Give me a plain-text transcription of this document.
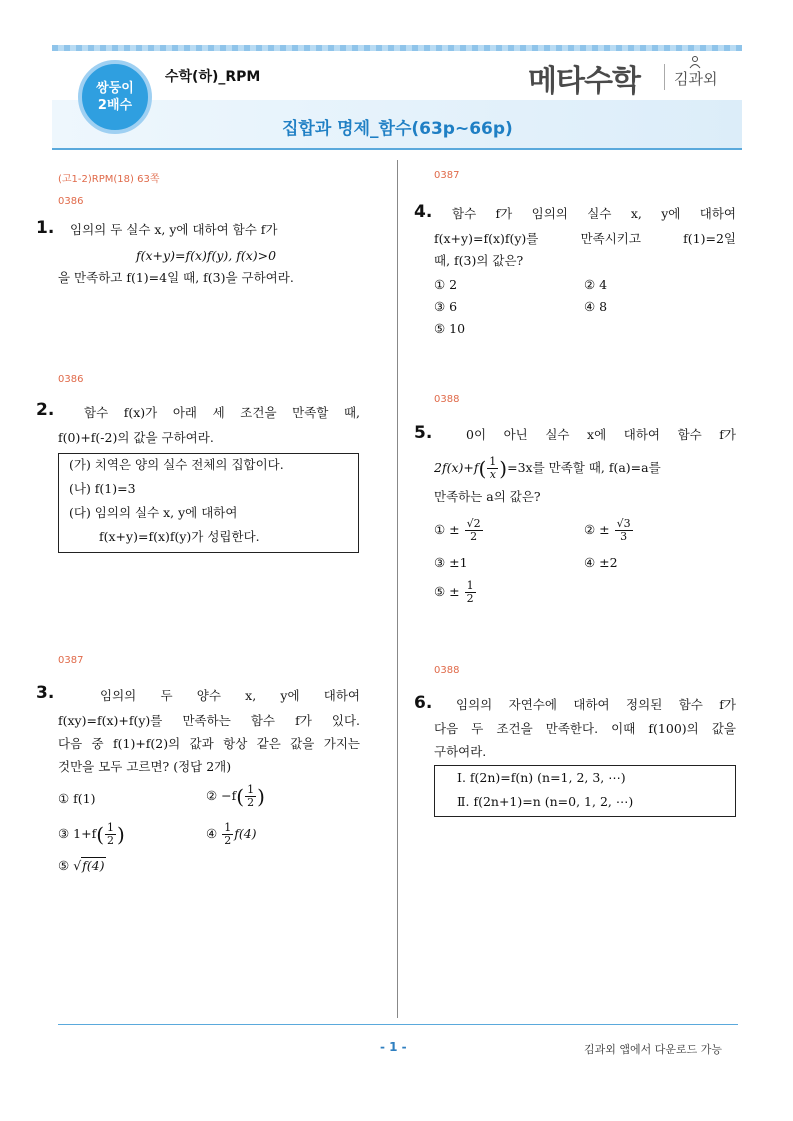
쌍둥이
2배수
수학(하)_RPM	메타수학 김과외
집합과 명제_함수(63p~66p)
(고1-2)RPM(18) 63쪽
0386
1. 임의의 두 실수 x, y에 대하여 함수 f가
f(x+y)=f(x)f(y), f(x)>0
을 만족하고 f(1)=4일 때, f(3)을 구하여라.
0386
2. 함수 f(x)가 아래 세 조건을 만족할 때,
f(0)+f(-2)의 값을 구하여라.
(가) 치역은 양의 실수 전체의 집합이다.
(나) f(1)=3
(다) 임의의 실수 x, y에 대하여
f(x+y)=f(x)f(y)가 성립한다.
0387
3.	임의의 두 양수 x, y에 대하여
f(xy)=f(x)+f(y)를 만족하는 함수 f가 있다.
다음 중 f(1)+f(2)의 값과 항상 같은 값을 가지는
것만을 모두 고르면? (정답 2개)
① f(1)	② $-f( \frac{1}{2}$ )
③ $1+f( \frac{1}{2}$ )	④ $\frac{1}{2} f(4)$
⑤ √f(4)
0387
4. 함수 f가 임의의 실수 x, y에 대하여
f(x+y)=f(x)f(y)를 만족시키고 f(1)=2일
때, f(3)의 값은?
① 2	② 4
③ 6	④ 8
⑤ 10
0388
5.	0이 아닌 실수 x에 대하여 함수 f가
$2f(x)+f( \frac{1}{x} )=3x$를 만족할 때, f(a)=a를
만족하는 a의 값은?
① ± $\frac{√2}{2}$	② ± $\frac{√3}{3}$
③ ±1	④ ±2
⑤ ± $\frac{1}{2}$
0388
6. 임의의 자연수에 대하여 정의된 함수 f가
다음 두 조건을 만족한다. 이때 f(100)의 값을
구하여라.
Ⅰ. f(2n)=f(n) (n=1, 2, 3, ⋯)
Ⅱ. f(2n+1)=n (n=0, 1, 2, ⋯)
- 1 -	김과외 앱에서 다운로드 가능
